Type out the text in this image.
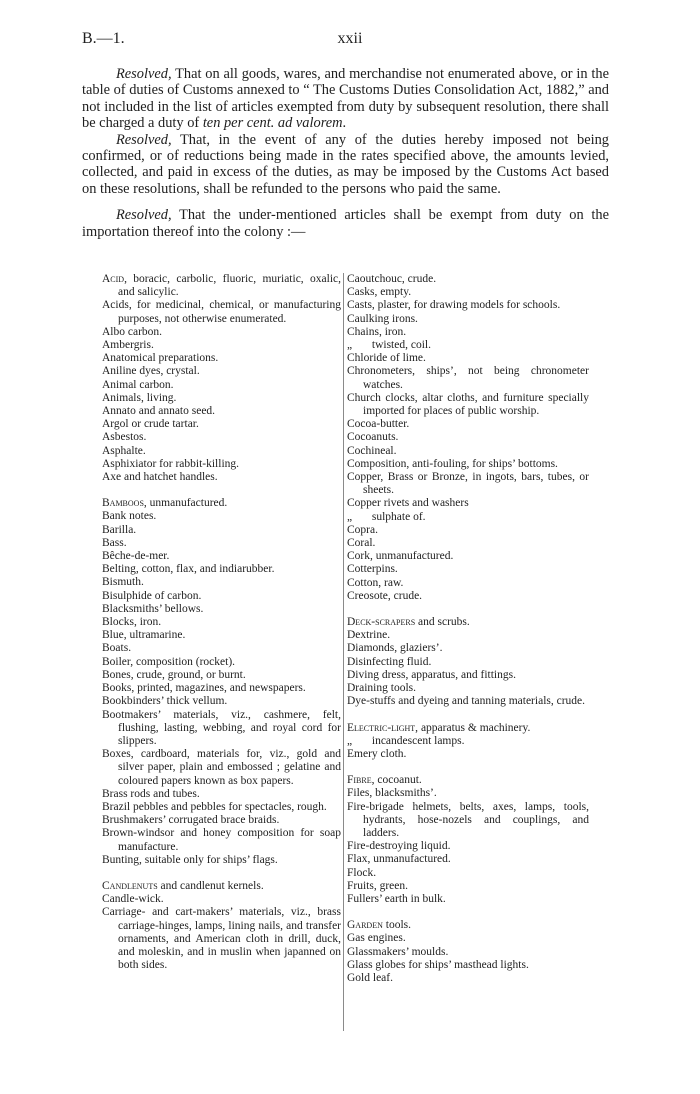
B.—1.	xxii

Resolved, That on all goods, wares, and merchandise not enumerated above, or in the table of duties of Customs annexed to “ The Customs Duties Consolidation Act, 1882,” and not included in the list of articles exempted from duty by subsequent resolution, there shall be charged a duty of ten per cent. ad valorem.

Resolved, That, in the event of any of the duties hereby imposed not being confirmed, or of reductions being made in the rates specified above, the amounts levied, collected, and paid in excess of the duties, as may be imposed by the Customs Act based on these resolutions, shall be refunded to the persons who paid the same.

Resolved, That the under-mentioned articles shall be exempt from duty on the importation thereof into the colony :—

Acid, boracic, carbolic, fluoric, muriatic, oxalic, and salicylic.
Acids, for medicinal, chemical, or manufacturing purposes, not otherwise enumerated.
Albo carbon.
Ambergris.
Anatomical preparations.
Aniline dyes, crystal.
Animal carbon.
Animals, living.
Annato and annato seed.
Argol or crude tartar.
Asbestos.
Asphalte.
Asphixiator for rabbit-killing.
Axe and hatchet handles.
Bamboos, unmanufactured.
Bank notes.
Barilla.
Bass.
Bêche-de-mer.
Belting, cotton, flax, and indiarubber.
Bismuth.
Bisulphide of carbon.
Blacksmiths’ bellows.
Blocks, iron.
Blue, ultramarine.
Boats.
Boiler, composition (rocket).
Bones, crude, ground, or burnt.
Books, printed, magazines, and newspapers.
Bookbinders’ thick vellum.
Bootmakers’ materials, viz., cashmere, felt, flushing, lasting, webbing, and royal cord for slippers.
Boxes, cardboard, materials for, viz., gold and silver paper, plain and embossed ; gelatine and coloured papers known as box papers.
Brass rods and tubes.
Brazil pebbles and pebbles for spectacles, rough.
Brushmakers’ corrugated brace braids.
Brown-windsor and honey composition for soap manufacture.
Bunting, suitable only for ships’ flags.
Candlenuts and candlenut kernels.
Candle-wick.
Carriage- and cart-makers’ materials, viz., brass carriage-hinges, lamps, lining nails, and transfer ornaments, and American cloth in drill, duck, and moleskin, and in muslin when japanned on both sides.
Caoutchouc, crude.
Casks, empty.
Casts, plaster, for drawing models for schools.
Caulking irons.
Chains, iron.
„ twisted, coil.
Chloride of lime.
Chronometers, ships’, not being chronometer watches.
Church clocks, altar cloths, and furniture specially imported for places of public worship.
Cocoa-butter.
Cocoanuts.
Cochineal.
Composition, anti-fouling, for ships’ bottoms.
Copper, Brass or Bronze, in ingots, bars, tubes, or sheets.
Copper rivets and washers
„ sulphate of.
Copra.
Coral.
Cork, unmanufactured.
Cotterpins.
Cotton, raw.
Creosote, crude.
Deck-scrapers and scrubs.
Dextrine.
Diamonds, glaziers’.
Disinfecting fluid.
Diving dress, apparatus, and fittings.
Draining tools.
Dye-stuffs and dyeing and tanning materials, crude.
Electric-light, apparatus & machinery.
„ incandescent lamps.
Emery cloth.
Fibre, cocoanut.
Files, blacksmiths’.
Fire-brigade helmets, belts, axes, lamps, tools, hydrants, hose-nozels and couplings, and ladders.
Fire-destroying liquid.
Flax, unmanufactured.
Flock.
Fruits, green.
Fullers’ earth in bulk.
Garden tools.
Gas engines.
Glassmakers’ moulds.
Glass globes for ships’ masthead lights.
Gold leaf.
